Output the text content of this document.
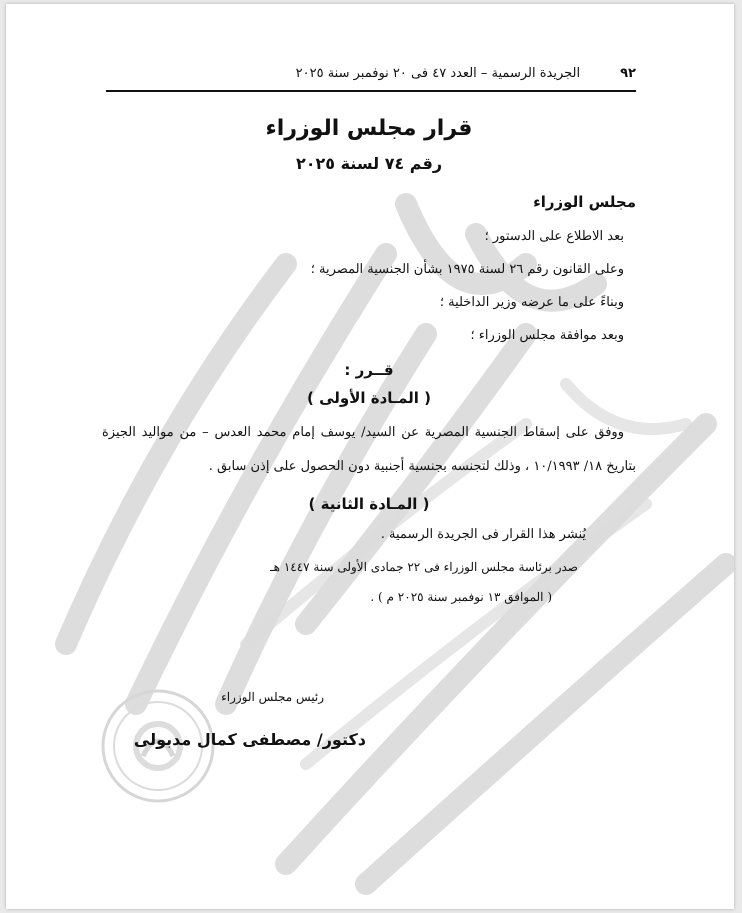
٩٢
الجريدة الرسمية – العدد ٤٧ فى ٢٠ نوفمبر سنة ٢٠٢٥
قرار مجلس الوزراء
رقم ٧٤ لسنة ٢٠٢٥
مجلس الوزراء
بعد الاطلاع على الدستور ؛
وعلى القانون رقم ٢٦ لسنة ١٩٧٥ بشأن الجنسية المصرية ؛
وبناءً على ما عرضه وزير الداخلية ؛
وبعد موافقة مجلس الوزراء ؛
قــرر :
( المـادة الأولى )

ووفق على إسقاط الجنسية المصرية عن السيد/ يوسف إمام محمد العدس – من مواليد الجيزة بتاريخ ١٨/ ١٠/١٩٩٣ ، وذلك لتجنسه بجنسية أجنبية دون الحصول على إذن سابق .

( المـادة الثانية )

يُنشر هذا القرار فى الجريدة الرسمية .

صدر برئاسة مجلس الوزراء فى ٢٢ جمادى الأولى سنة ١٤٤٧ هـ

( الموافق ١٣ نوفمبر سنة ٢٠٢٥ م ) .

رئيس مجلس الوزراء
دكتور/ مصطفى كمال مدبولى
